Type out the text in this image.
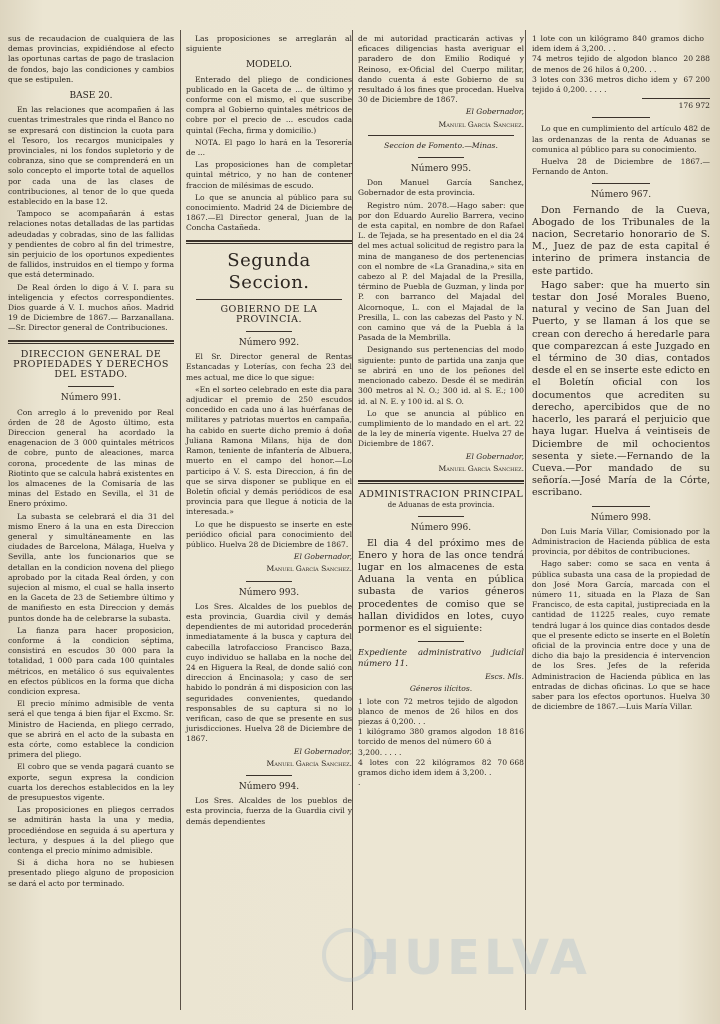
sus de recaudacion de cualquiera de las demas provincias, expidiéndose al efecto las oportunas cartas de pago de traslacion de fondos, bajo las condiciones y cambios que se estipulen.

BASE 20.

En las relaciones que acompañen á las cuentas trimestrales que rinda el Banco no se expresará con distincion la cuota para el Tesoro, los recargos municipales y provinciales, ni los fondos supletorio y de cobranza, sino que se comprenderá en un solo concepto el importe total de aquellos por cada una de las clases de contribuciones, al tenor de lo que queda establecido en la base 12.

Tampoco se acompañarán á estas relaciones notas detalladas de las partidas adeudadas y cobradas, sino de las fallidas y pendientes de cobro al fin del trimestre, sin perjuicio de los oportunos expedientes de fallidos, instruidos en el tiempo y forma que está determinado.

De Real órden lo digo á V. I. para su inteligencia y efectos correspondientes. Dios guarde á V. I. muchos años. Madrid 19 de Diciembre de 1867.— Barzanallana.—Sr. Director general de Contribuciones.

DIRECCION GENERAL DE PROPIEDADES Y DERECHOS DEL ESTADO.

Número 991.

Con arreglo á lo prevenido por Real órden de 28 de Agosto último, esta Direccion general ha acordado la enagenacion de 3 000 quintales métricos de cobre, punto de aleaciones, marca corona, procedente de las minas de Riotinto que se calcula habrá existentes en los almacenes de la Comisaría de las minas del Estado en Sevilla, el 31 de Enero próximo.

La subasta se celebrará el dia 31 del mismo Enero á la una en esta Direccion general y simultáneamente en las ciudades de Barcelona, Málaga, Huelva y Sevilla, ante los funcionarios que se detallan en la condicion novena del pliego aprobado por la citada Real órden, y con sujecion al mismo, el cual se halla inserto en la Gaceta de 23 de Setiembre último y de manifiesto en esta Direccion y demás puntos donde ha de celebrarse la subasta.

La fianza para hacer proposicion, conforme á la condicion séptima, consistirá en escudos 30 000 para la totalidad, 1 000 para cada 100 quintales métricos, en metálico ó sus equivalentes en efectos públicos en la forma que dicha condicion expresa.

El precio mínimo admisible de venta será el que tenga á bien fijar el Excmo. Sr. Ministro de Hacienda, en pliego cerrado, que se abrirá en el acto de la subasta en esta córte, como establece la condicion primera del pliego.

El cobro que se venda pagará cuanto se exporte, segun expresa la condicion cuarta los derechos establecidos en la ley de presupuestos vigente.

Las proposiciones en pliegos cerrados se admitirán hasta la una y media, procediéndose en seguida á su apertura y lectura, y despues á la del pliego que contenga el precio mínimo admisible.

Si á dicha hora no se hubiesen presentado pliego alguno de proposicion se dará el acto por terminado.

Las proposiciones se arreglarán al siguiente

MODELO.

Enterado del pliego de condiciones publicado en la Gaceta de ... de último y conforme con el mismo, el que suscribe compra al Gobierno quintales métricos de cobre por el precio de ... escudos cada quintal (Fecha, firma y domicilio.)

NOTA. El pago lo hará en la Tesorería de ...

Las proposiciones han de completar quintal métrico, y no han de contener fraccion de milésimas de escudo.

Lo que se anuncia al público para su conocimiento. Madrid 24 de Diciembre de 1867.—El Director general, Juan de la Concha Castañeda.

Segunda Seccion.

GOBIERNO DE LA PROVINCIA.

Número 992.

El Sr. Director general de Rentas Estancadas y Loterías, con fecha 23 del mes actual, me dice lo que sigue:

«En el sorteo celebrado en este dia para adjudicar el premio de 250 escudos concedido en cada uno á las huérfanas de militares y patriotas muertos en campaña, ha cabido en suerte dicho premio á doña Juliana Ramona Milans, hija de don Ramon, teniente de infantería de Albuera, muerto en el campo del honor.—Lo participo á V. S. esta Direccion, á fin de que se sirva disponer se publique en el Boletín oficial y demás periódicos de esa provincia para que llegue á noticia de la interesada.»

Lo que he dispuesto se inserte en este periódico oficial para conocimiento del público. Huelva 28 de Diciembre de 1867.

El Gobernador,

Manuel García Sanchez.

Número 993.

Los Sres. Alcaldes de los pueblos de esta provincia, Guardia civil y demás dependientes de mi autoridad procederán inmediatamente á la busca y captura del cabecilla latrofaccioso Francisco Baza, cuyo individuo se hallaba en la noche del 24 en Higuera la Real, de donde salió con direccion á Encinasola; y caso de ser habido lo pondrán á mi disposicion con las seguridades convenientes, quedando responsables de su captura si no lo verifican, caso de que se presente en sus jurisdicciones. Huelva 28 de Diciembre de 1867.

El Gobernador,

Manuel García Sanchez.

Número 994.

Los Sres. Alcaldes de los pueblos de esta provincia, fuerza de la Guardia civil y demás dependientes

de mi autoridad practicarán activas y eficaces diligencias hasta averiguar el paradero de don Emilio Rodiqué y Reinoso, ex-Oficial del Cuerpo militar, dando cuenta á este Gobierno de su resultado á los fines que procedan. Huelva 30 de Diciembre de 1867.

El Gobernador,

Manuel García Sanchez.

Seccion de Fomento.—Minas.

Número 995.

Don Manuel García Sanchez, Gobernador de esta provincia.

Registro núm. 2078.—Hago saber: que por don Eduardo Aurelio Barrera, vecino de esta capital, en nombre de don Rafael L. de Tejada, se ha presentado en el dia 24 del mes actual solicitud de registro para la mina de manganeso de dos pertenencias con el nombre de «La Granadina,» sita en cabezo al P. del Majadal de la Presilla, término de Puebla de Guzman, y linda por P. con barranco del Majadal del Alcornoque, L. con el Majadal de la Presilla, L. con las cabezas del Pasto y N. con camino que vá de la Puebla á la Pasada de la Membrilla.

Designando sus pertenencias del modo siguiente: punto de partida una zanja que se abrirá en uno de los peñones del mencionado cabezo. Desde él se medirán 300 metros al N. O.; 300 id. al S. E.; 100 id. al N. E. y 100 id. al S. O.

Lo que se anuncia al público en cumplimiento de lo mandado en el art. 22 de la ley de minería vigente. Huelva 27 de Diciembre de 1867.

El Gobernador,

Manuel García Sanchez.

ADMINISTRACION PRINCIPAL

de Aduanas de esta provincia.

Número 996.

El dia 4 del próximo mes de Enero y hora de las once tendrá lugar en los almacenes de esta Aduana la venta en pública subasta de varios géneros procedentes de comiso que se hallan divididos en lotes, cuyo pormenor es el siguiente:

Expediente administrativo judicial número 11.

Escs. Mls.

Géneros ilícitos.

1 lote con 72 metros tejido de algodon blanco de menos de 26 hilos en dos piezas á 0,200. . .
1 kilógramo 380 gramos algodon torcido de menos del número 60 á 3,200. . . . .
18 816
4 lotes con 22 kilógramos 82 gramos dicho idem idem á 3,200. . .
70 668
1 lote con un kilógramo 840 gramos dicho idem idem á 3,200. . .
74 metros tejido de algodon blanco de menos de 26 hilos á 0,200. . .
20 288
3 lotes con 336 metros dicho idem y tejido á 0,200. . . . .
67 200
176 972

Lo que en cumplimiento del artículo 482 de las ordenanzas de la renta de Aduanas se comunica al público para su conocimiento.

Huelva 28 de Diciembre de 1867.—Fernando de Anton.

Número 967.

Don Fernando de la Cueva, Abogado de los Tribunales de la nacion, Secretario honorario de S. M., Juez de paz de esta capital é interino de primera instancia de este partido.

Hago saber: que ha muerto sin testar don José Morales Bueno, natural y vecino de San Juan del Puerto, y se llaman á los que se crean con derecho á heredarle para que comparezcan á este Juzgado en el término de 30 dias, contados desde el en se inserte este edicto en el Boletín oficial con los documentos que acrediten su derecho, apercibidos que de no hacerlo, les parará el perjuicio que haya lugar. Huelva á veintiseis de Diciembre de mil ochocientos sesenta y siete.—Fernando de la Cueva.—Por mandado de su señoría.—José María de la Córte, escribano.

Número 998.

Don Luis María Villar, Comisionado por la Administracion de Hacienda pública de esta provincia, por débitos de contribuciones.

Hago saber: como se saca en venta á pública subasta una casa de la propiedad de don José Mora García, marcada con el número 11, situada en la Plaza de San Francisco, de esta capital, justipreciada en la cantidad de 11225 reales, cuyo remate tendrá lugar á los quince dias contados desde que el presente edicto se inserte en el Boletín oficial de la provincia entre doce y una de dicho dia bajo la presidencia é intervencion de los Sres. Jefes de la referida Administracion de Hacienda pública en las entradas de dichas oficinas. Lo que se hace saber para los efectos oportunos. Huelva 30 de diciembre de 1867.—Luis María Villar.

HUELVA
